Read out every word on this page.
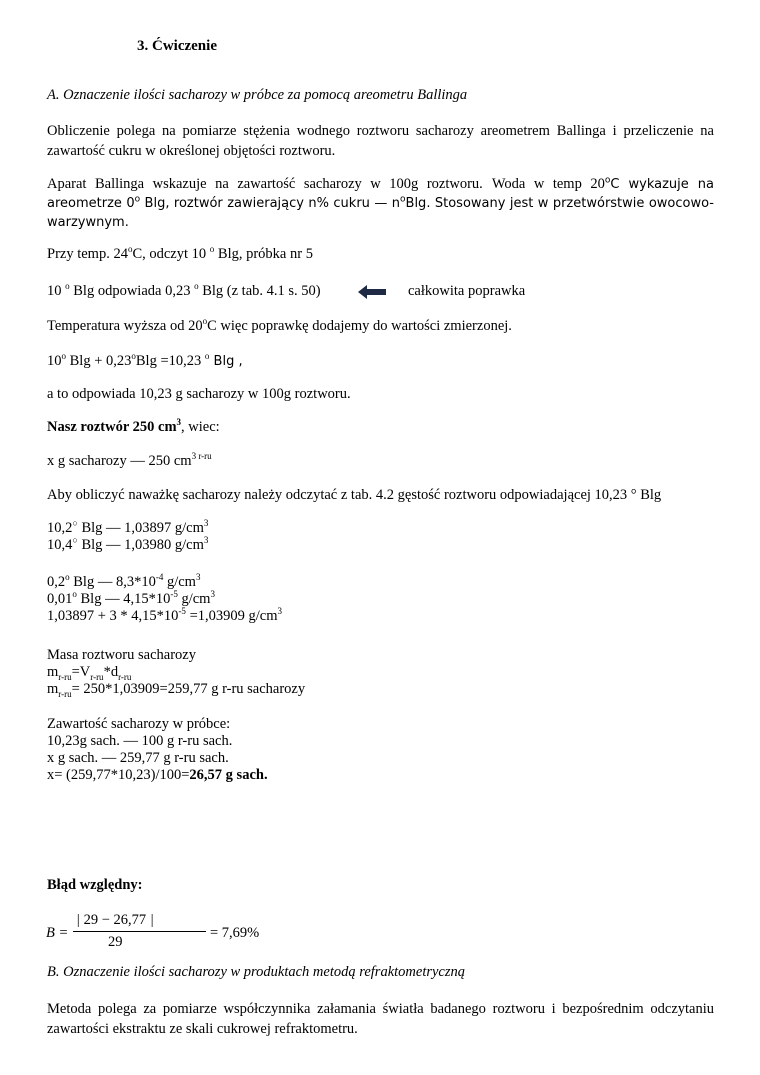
3. Ćwiczenie
A. Oznaczenie ilości sacharozy w próbce za pomocą areometru Ballinga
Obliczenie polega na pomiarze stężenia wodnego roztworu sacharozy areometrem Ballinga i przeliczenie na zawartość cukru w określonej objętości roztworu.
Aparat Ballinga wskazuje na zawartość sacharozy w 100g roztworu. Woda w temp 20$^o$C wykazuje na areometrze 0$^o$ Blg, roztwór zawierający n% cukru — $n^oBlg$. Stosowany jest w przetwórstwie owocowo-warzywnym.
Przy temp. 24$^o$C, odczyt 10 $^o$ Blg, próbka nr 5
10 $^o$ Blg odpowiada 0,23 $^o$ Blg (z tab. 4.1 s. 50)	całkowita poprawka
Temperatura wyższa od 20$^o$C więc poprawkę dodajemy do wartości zmierzonej.
10$^o$ $Blg + 0,23^oBlg =10,23$ $^o$ Blg ,
a to odpowiada 10,23 g sacharozy w 100g roztworu.
Nasz roztwór 250 $cm^3$, wiec:
x g sacharozy — 250 $cm^{3 r-ru}$
Aby obliczyć naważkę sacharozy należy odczytać z tab. 4.2 gęstość roztworu odpowiadającej 10,23 ° Blg
10,2○ Blg — 1,03897 $g/cm^3$
10,4○ Blg — 1,03980 $g/cm^3$
0,2$^o$ Blg — $8,3*10^{-4}$ $g/cm^3$
0,01$^o$ Blg — $4,15*10^{-5}$ $g/cm^3$
$1,03897 + 3 * 4,15*10^{-5} =1,03909$ $g/cm^3$
Masa roztworu sacharozy
$m_{r-ru}=V_{r-ru}*d_{r-ru}$
$m_{r-ru}= 250*1,03909=259,77$ g r-ru sacharozy
Zawartość sacharozy w próbce:
10,23g sach. — 100 g r-ru sach.
x g sach. — 259,77 g r-ru sach.
x= (259,77*10,23)/100=26,57 g sach.
Błąd względny:
B =
| 29 − 26,77 |
29
= 7,69%
B. Oznaczenie ilości sacharozy w produktach metodą refraktometryczną
Metoda polega za pomiarze współczynnika załamania światła badanego roztworu i bezpośrednim odczytaniu zawartości ekstraktu ze skali cukrowej refraktometru.
